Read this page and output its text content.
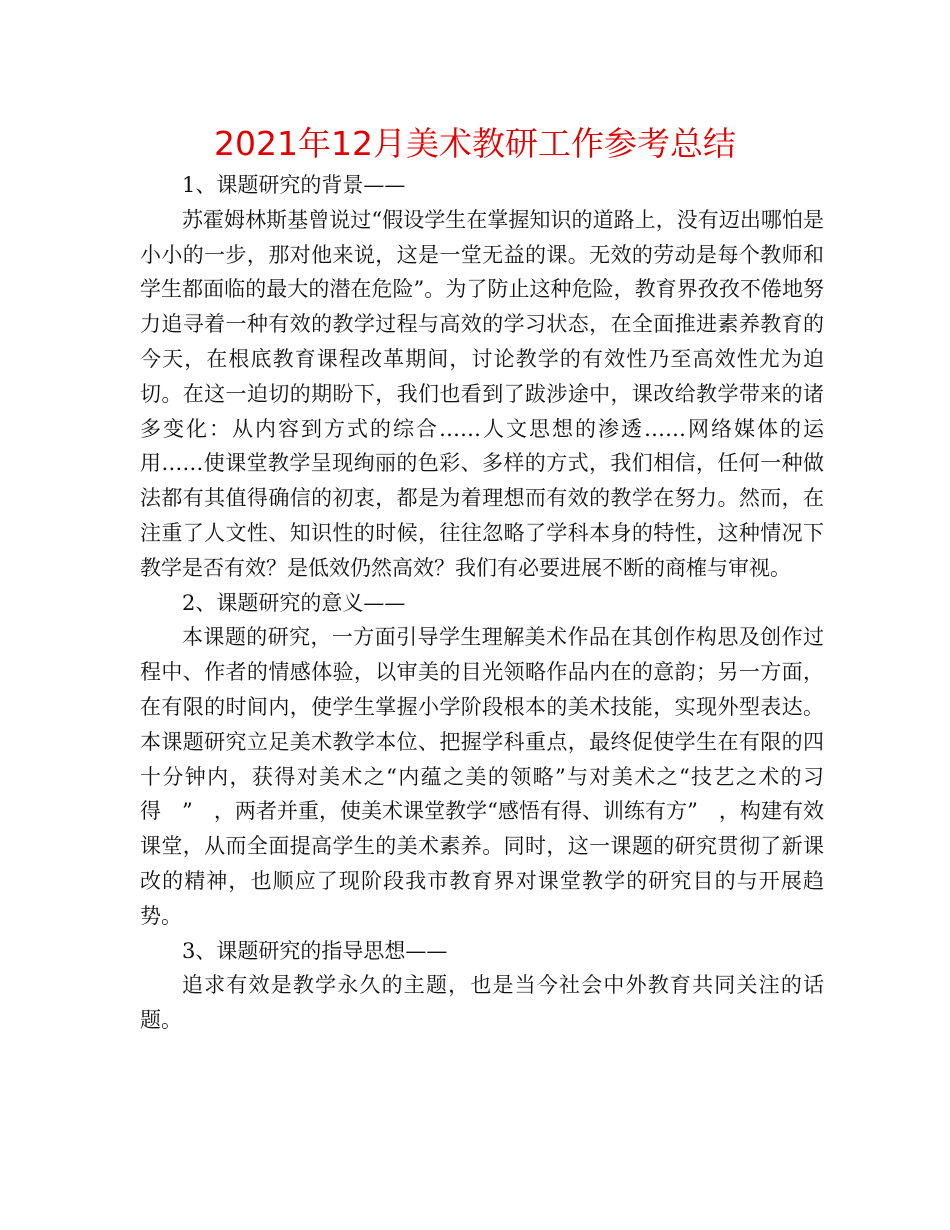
2021年12月美术教研工作参考总结

1、课题研究的背景——

苏霍姆林斯基曾说过“假设学生在掌握知识的道路上，没有迈出哪怕是小小的一步，那对他来说，这是一堂无益的课。无效的劳动是每个教师和学生都面临的最大的潜在危险”。为了防止这种危险，教育界孜孜不倦地努力追寻着一种有效的教学过程与高效的学习状态，在全面推进素养教育的今天，在根底教育课程改革期间，讨论教学的有效性乃至高效性尤为迫切。在这一迫切的期盼下，我们也看到了跋涉途中，课改给教学带来的诸多变化：从内容到方式的综合……人文思想的渗透……网络媒体的运用……使课堂教学呈现绚丽的色彩、多样的方式，我们相信，任何一种做法都有其值得确信的初衷，都是为着理想而有效的教学在努力。然而，在注重了人文性、知识性的时候，往往忽略了学科本身的特性，这种情况下教学是否有效？是低效仍然高效？我们有必要进展不断的商榷与审视。

2、课题研究的意义——

本课题的研究，一方面引导学生理解美术作品在其创作构思及创作过程中、作者的情感体验，以审美的目光领略作品内在的意韵；另一方面，在有限的时间内，使学生掌握小学阶段根本的美术技能，实现外型表达。本课题研究立足美术教学本位、把握学科重点，最终促使学生在有限的四十分钟内，获得对美术之“内蕴之美的领略”与对美术之“技艺之术的习得　”　，两者并重，使美术课堂教学“感悟有得、训练有方”　，构建有效课堂，从而全面提高学生的美术素养。同时，这一课题的研究贯彻了新课改的精神，也顺应了现阶段我市教育界对课堂教学的研究目的与开展趋势。

3、课题研究的指导思想——

追求有效是教学永久的主题，也是当今社会中外教育共同关注的话题。
